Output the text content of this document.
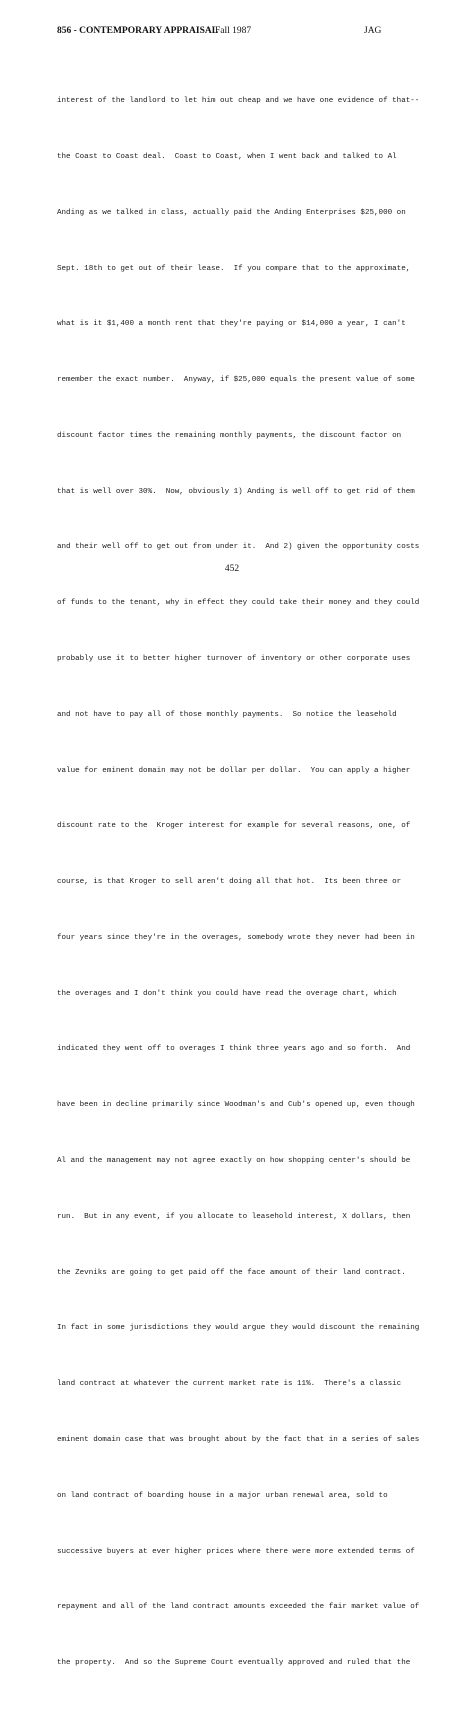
856 - CONTEMPORARY APPRAISAL
Fall 1987	JAG

interest of the landlord to let him out cheap and we have one evidence of that--

the Coast to Coast deal.  Coast to Coast, when I went back and talked to Al

Anding as we talked in class, actually paid the Anding Enterprises $25,000 on

Sept. 18th to get out of their lease.  If you compare that to the approximate,

what is it $1,400 a month rent that they're paying or $14,000 a year, I can't

remember the exact number.  Anyway, if $25,000 equals the present value of some

discount factor times the remaining monthly payments, the discount factor on

that is well over 30%.  Now, obviously 1) Anding is well off to get rid of them

and their well off to get out from under it.  And 2) given the opportunity costs

of funds to the tenant, why in effect they could take their money and they could

probably use it to better higher turnover of inventory or other corporate uses

and not have to pay all of those monthly payments.  So notice the leasehold

value for eminent domain may not be dollar per dollar.  You can apply a higher

discount rate to the  Kroger interest for example for several reasons, one, of

course, is that Kroger to sell aren't doing all that hot.  Its been three or

four years since they're in the overages, somebody wrote they never had been in

the overages and I don't think you could have read the overage chart, which

indicated they went off to overages I think three years ago and so forth.  And

have been in decline primarily since Woodman's and Cub's opened up, even though

Al and the management may not agree exactly on how shopping center's should be

run.  But in any event, if you allocate to leasehold interest, X dollars, then

the Zevniks are going to get paid off the face amount of their land contract.

In fact in some jurisdictions they would argue they would discount the remaining

land contract at whatever the current market rate is 11%.  There's a classic

eminent domain case that was brought about by the fact that in a series of sales

on land contract of boarding house in a major urban renewal area, sold to

successive buyers at ever higher prices where there were more extended terms of

repayment and all of the land contract amounts exceeded the fair market value of

the property.  And so the Supreme Court eventually approved and ruled that the

452
